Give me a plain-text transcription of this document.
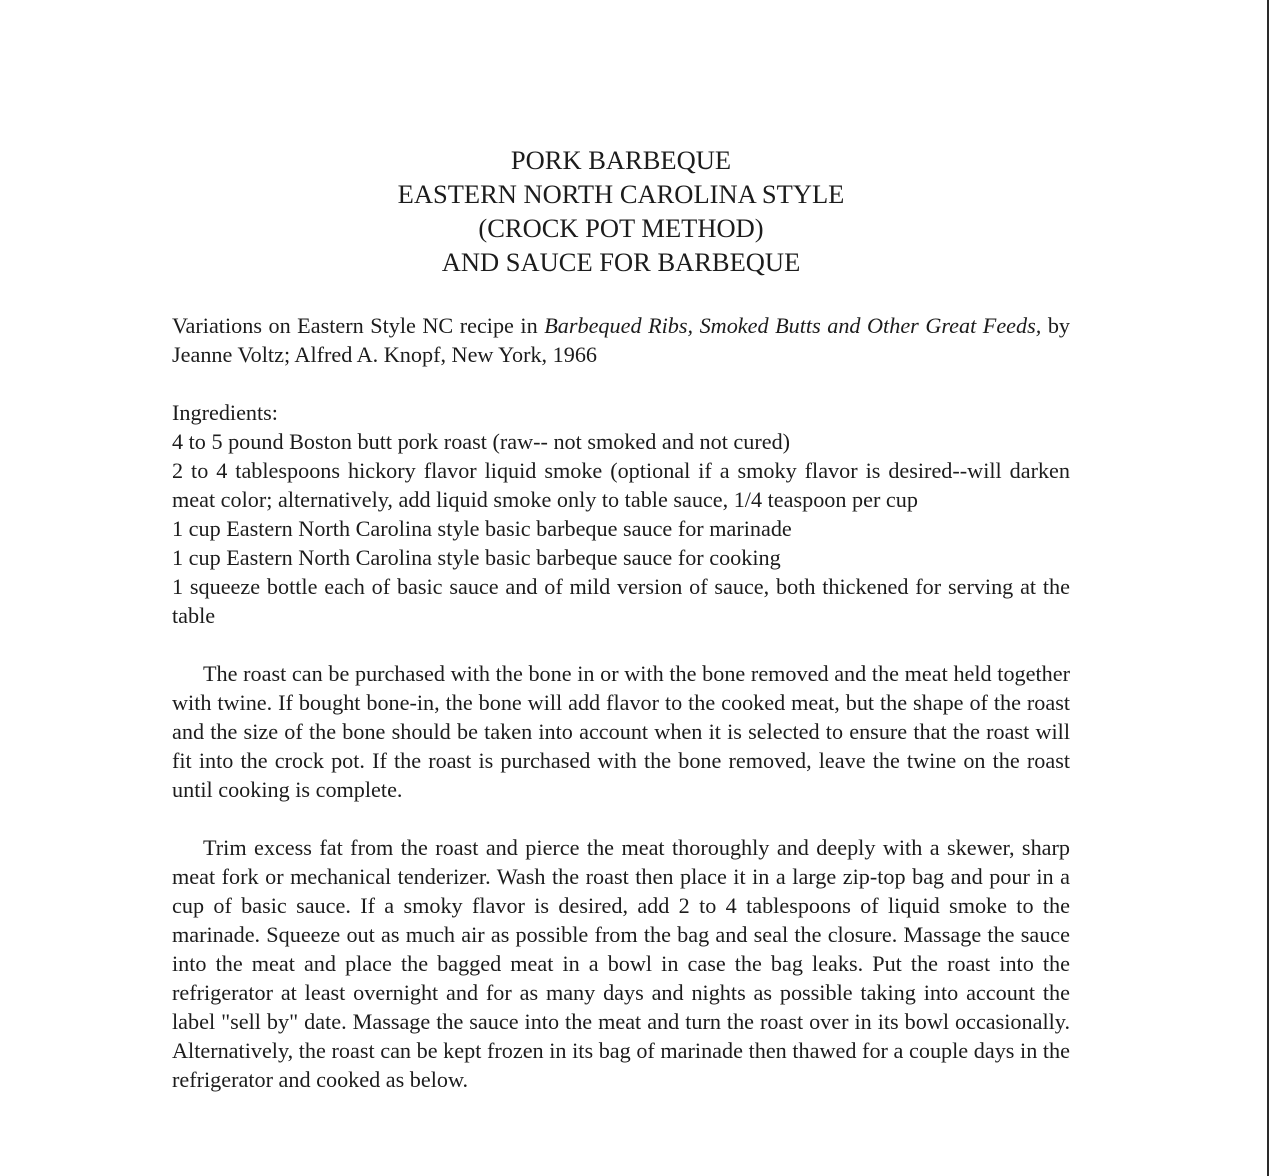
PORK BARBEQUE
EASTERN NORTH CAROLINA STYLE
(CROCK POT METHOD)
AND SAUCE FOR BARBEQUE

Variations on Eastern Style NC recipe in Barbequed Ribs, Smoked Butts and Other Great Feeds, by Jeanne Voltz; Alfred A. Knopf, New York, 1966

Ingredients:
4 to 5 pound Boston butt pork roast (raw-- not smoked and not cured)
2 to 4 tablespoons hickory flavor liquid smoke (optional if a smoky flavor is desired--will darken meat color; alternatively, add liquid smoke only to table sauce, 1/4 teaspoon per cup
1 cup Eastern North Carolina style basic barbeque sauce for marinade
1 cup Eastern North Carolina style basic barbeque sauce for cooking
1 squeeze bottle each of basic sauce and of mild version of sauce, both thickened for serving at the table

The roast can be purchased with the bone in or with the bone removed and the meat held together with twine. If bought bone-in, the bone will add flavor to the cooked meat, but the shape of the roast and the size of the bone should be taken into account when it is selected to ensure that the roast will fit into the crock pot. If the roast is purchased with the bone removed, leave the twine on the roast until cooking is complete.

Trim excess fat from the roast and pierce the meat thoroughly and deeply with a skewer, sharp meat fork or mechanical tenderizer. Wash the roast then place it in a large zip-top bag and pour in a cup of basic sauce. If a smoky flavor is desired, add 2 to 4 tablespoons of liquid smoke to the marinade. Squeeze out as much air as possible from the bag and seal the closure. Massage the sauce into the meat and place the bagged meat in a bowl in case the bag leaks. Put the roast into the refrigerator at least overnight and for as many days and nights as possible taking into account the label "sell by" date. Massage the sauce into the meat and turn the roast over in its bowl occasionally. Alternatively, the roast can be kept frozen in its bag of marinade then thawed for a couple days in the refrigerator and cooked as below.
